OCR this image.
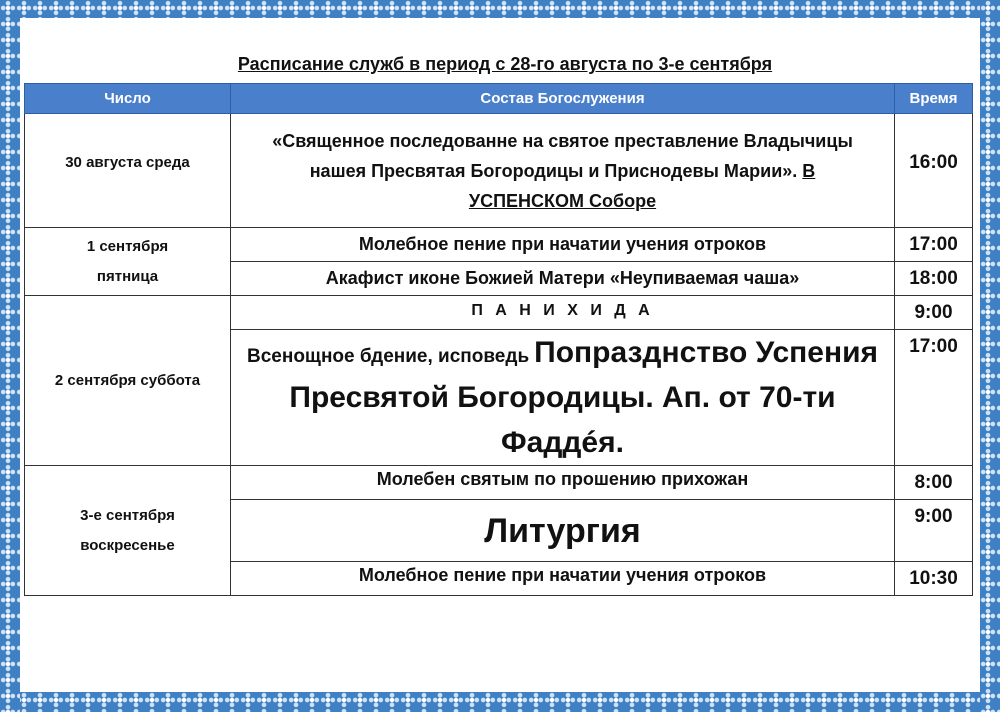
Расписание служб в период с 28-го августа по 3-е сентября
Число	Состав Богослужения	Время
30 августа среда	«Священное последованне на святое преставление Владычицы нашея Пресвятая Богородицы и Приснодевы Марии». В УСПЕНСКОМ Соборе	16:00
1 сентября пятница	Молебное пение при начатии учения отроков	17:00
	Акафист иконе Божией Матери «Неупиваемая чаша»	18:00
2 сентября суббота	П А Н И Х И Д А	9:00
	Всенощное бдение, исповедь Попразднство Успения Пресвятой Богородицы. Ап. от 70-ти Фаддéя.	17:00
3-е сентября воскресенье	Молебен святым по прошению прихожан	8:00
	Литургия	9:00
	Молебное пение при начатии учения отроков	10:30
